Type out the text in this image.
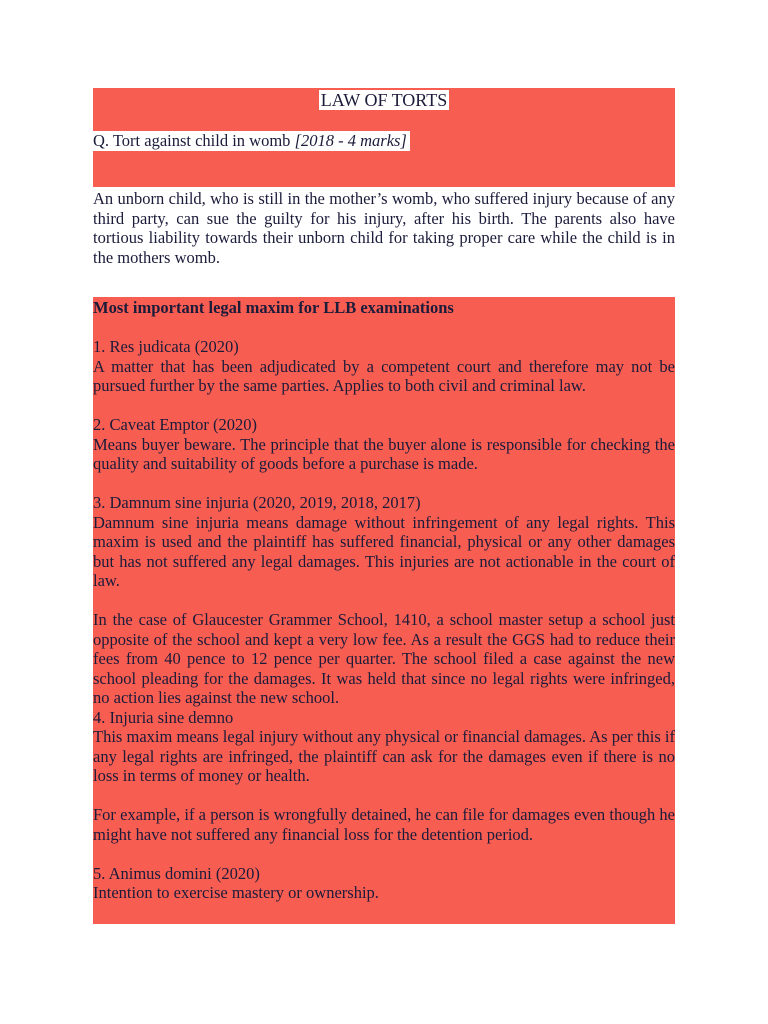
LAW OF TORTS
Q. Tort against child in womb [2018 - 4 marks]
An unborn child, who is still in the mother’s womb, who suffered injury because of any third party, can sue the guilty for his injury, after his birth. The parents also have tortious liability towards their unborn child for taking proper care while the child is in the mothers womb.

Most important legal maxim for LLB examinations

1. Res judicata (2020)

A matter that has been adjudicated by a competent court and therefore may not be pursued further by the same parties. Applies to both civil and criminal law.

2. Caveat Emptor (2020)

Means buyer beware. The principle that the buyer alone is responsible for checking the quality and suitability of goods before a purchase is made.

3. Damnum sine injuria (2020, 2019, 2018, 2017)

Damnum sine injuria means damage without infringement of any legal rights. This maxim is used and the plaintiff has suffered financial, physical or any other damages but has not suffered any legal damages. This injuries are not actionable in the court of law.

In the case of Glaucester Grammer School, 1410, a school master setup a school just opposite of the school and kept a very low fee. As a result the GGS had to reduce their fees from 40 pence to 12 pence per quarter. The school filed a case against the new school pleading for the damages. It was held that since no legal rights were infringed, no action lies against the new school.

4. Injuria sine demno

This maxim means legal injury without any physical or financial damages. As per this if any legal rights are infringed, the plaintiff can ask for the damages even if there is no loss in terms of money or health.

For example, if a person is wrongfully detained, he can file for damages even though he might have not suffered any financial loss for the detention period.

5. Animus domini (2020)

Intention to exercise mastery or ownership.
